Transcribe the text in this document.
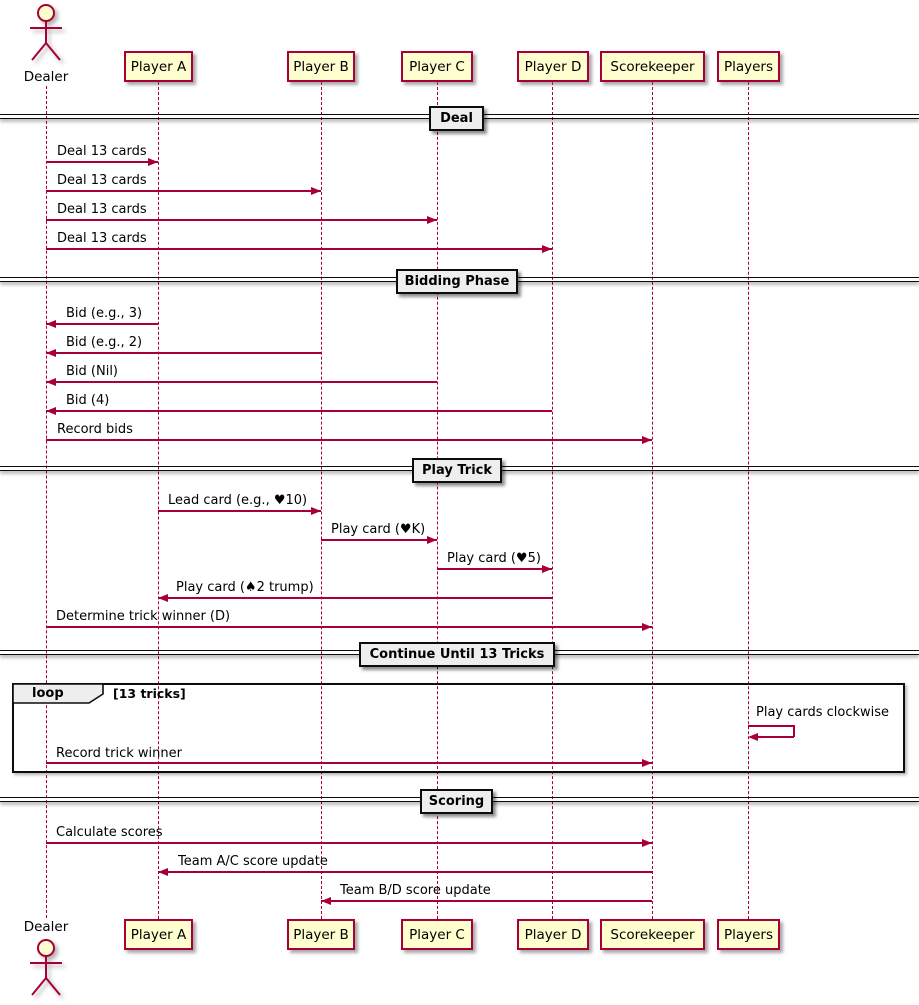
Dealer
Player A	Player B	Player C	Player D Scorekeeper Players
Deal
Deal 13 cards
Deal 13 cards
Deal 13 cards
Deal 13 cards
Bidding Phase
Bid (e.g., 3)
Bid (e.g., 2)
Bid (Nil)
Bid (4)
Record bids
Play Trick
Lead card (e.g., ♥10)
Play card (♥K)
Play card (♥5)
Play card (♠2 trump)
Determine trick winner (D)
Continue Until 13 Tricks
loop	[13 tricks]
Play cards clockwise
Record trick winner
Scoring
Calculate scores
Team A/C score update
Team B/D score update
Player A	Player B	Player C	Player D Scorekeeper Players
Dealer
